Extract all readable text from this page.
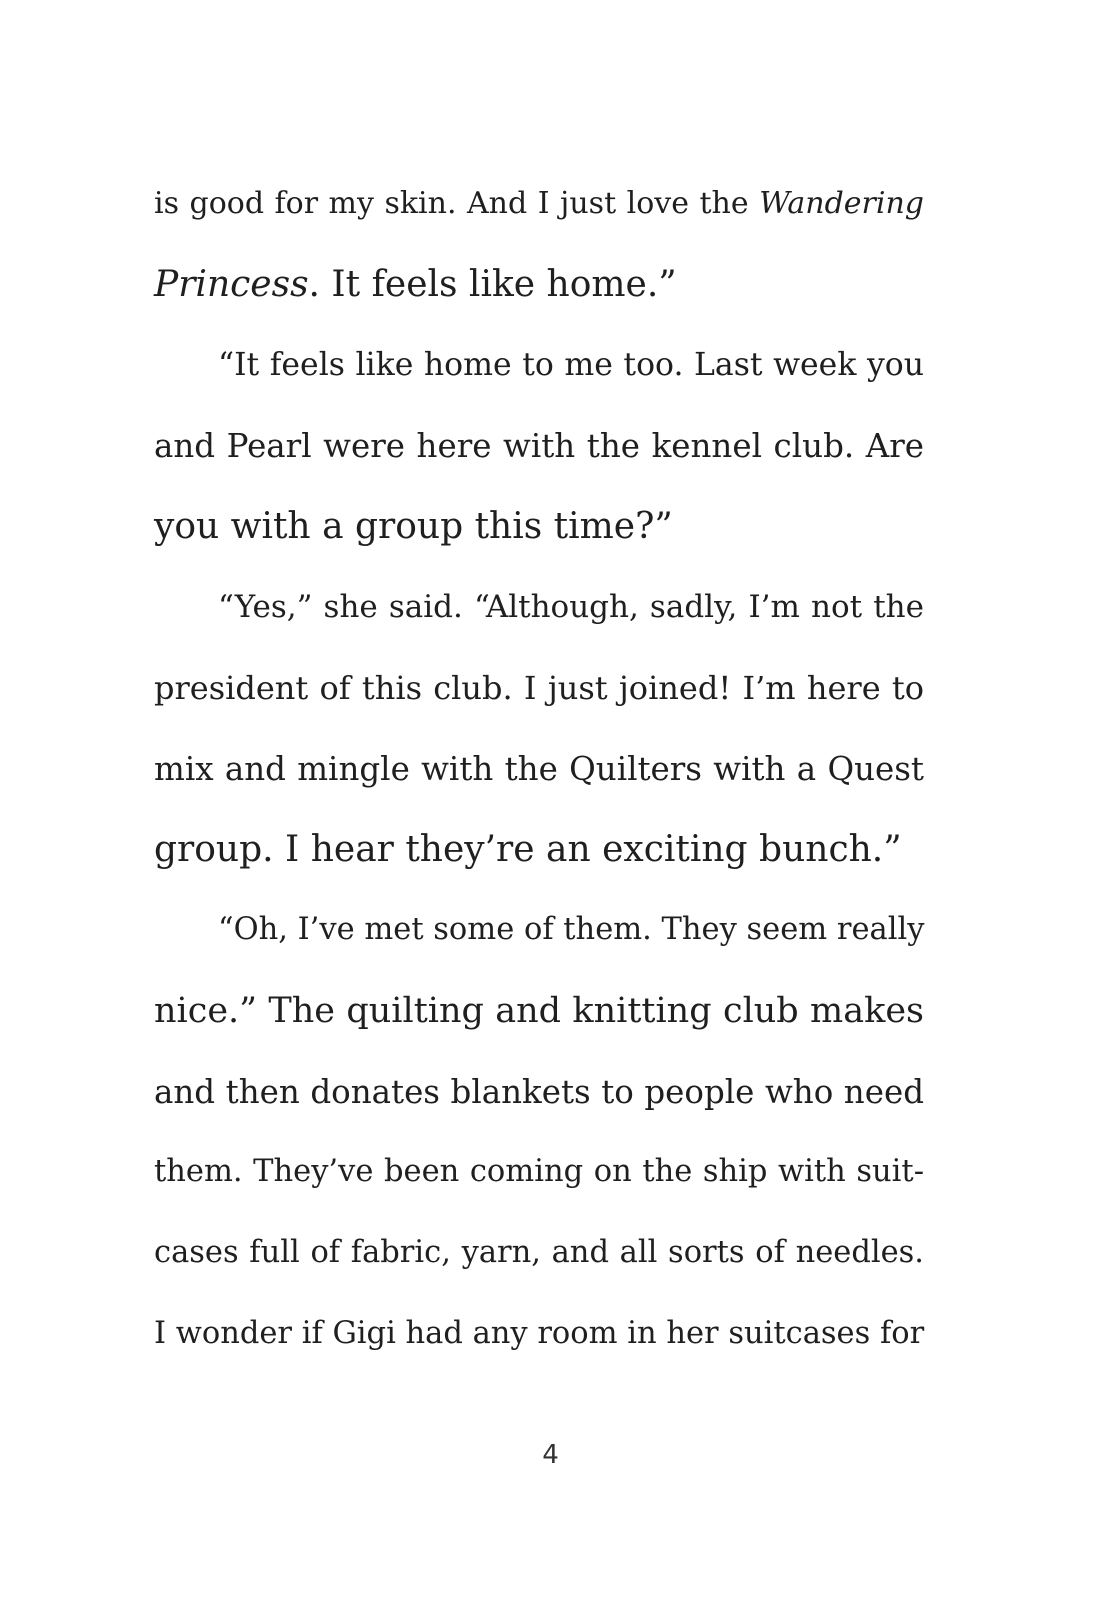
is good for my skin. And I just love the Wandering
Princess. It feels like home.”
“It feels like home to me too. Last week you
and Pearl were here with the kennel club. Are
you with a group this time?”
“Yes,” she said. “Although, sadly, I’m not the
president of this club. I just joined! I’m here to
mix and mingle with the Quilters with a Quest
group. I hear they’re an exciting bunch.”
“Oh, I’ve met some of them. They seem really
nice.” The quilting and knitting club makes
and then donates blankets to people who need
them. They’ve been coming on the ship with suit-
cases full of fabric, yarn, and all sorts of needles.
I wonder if Gigi had any room in her suitcases for
4
